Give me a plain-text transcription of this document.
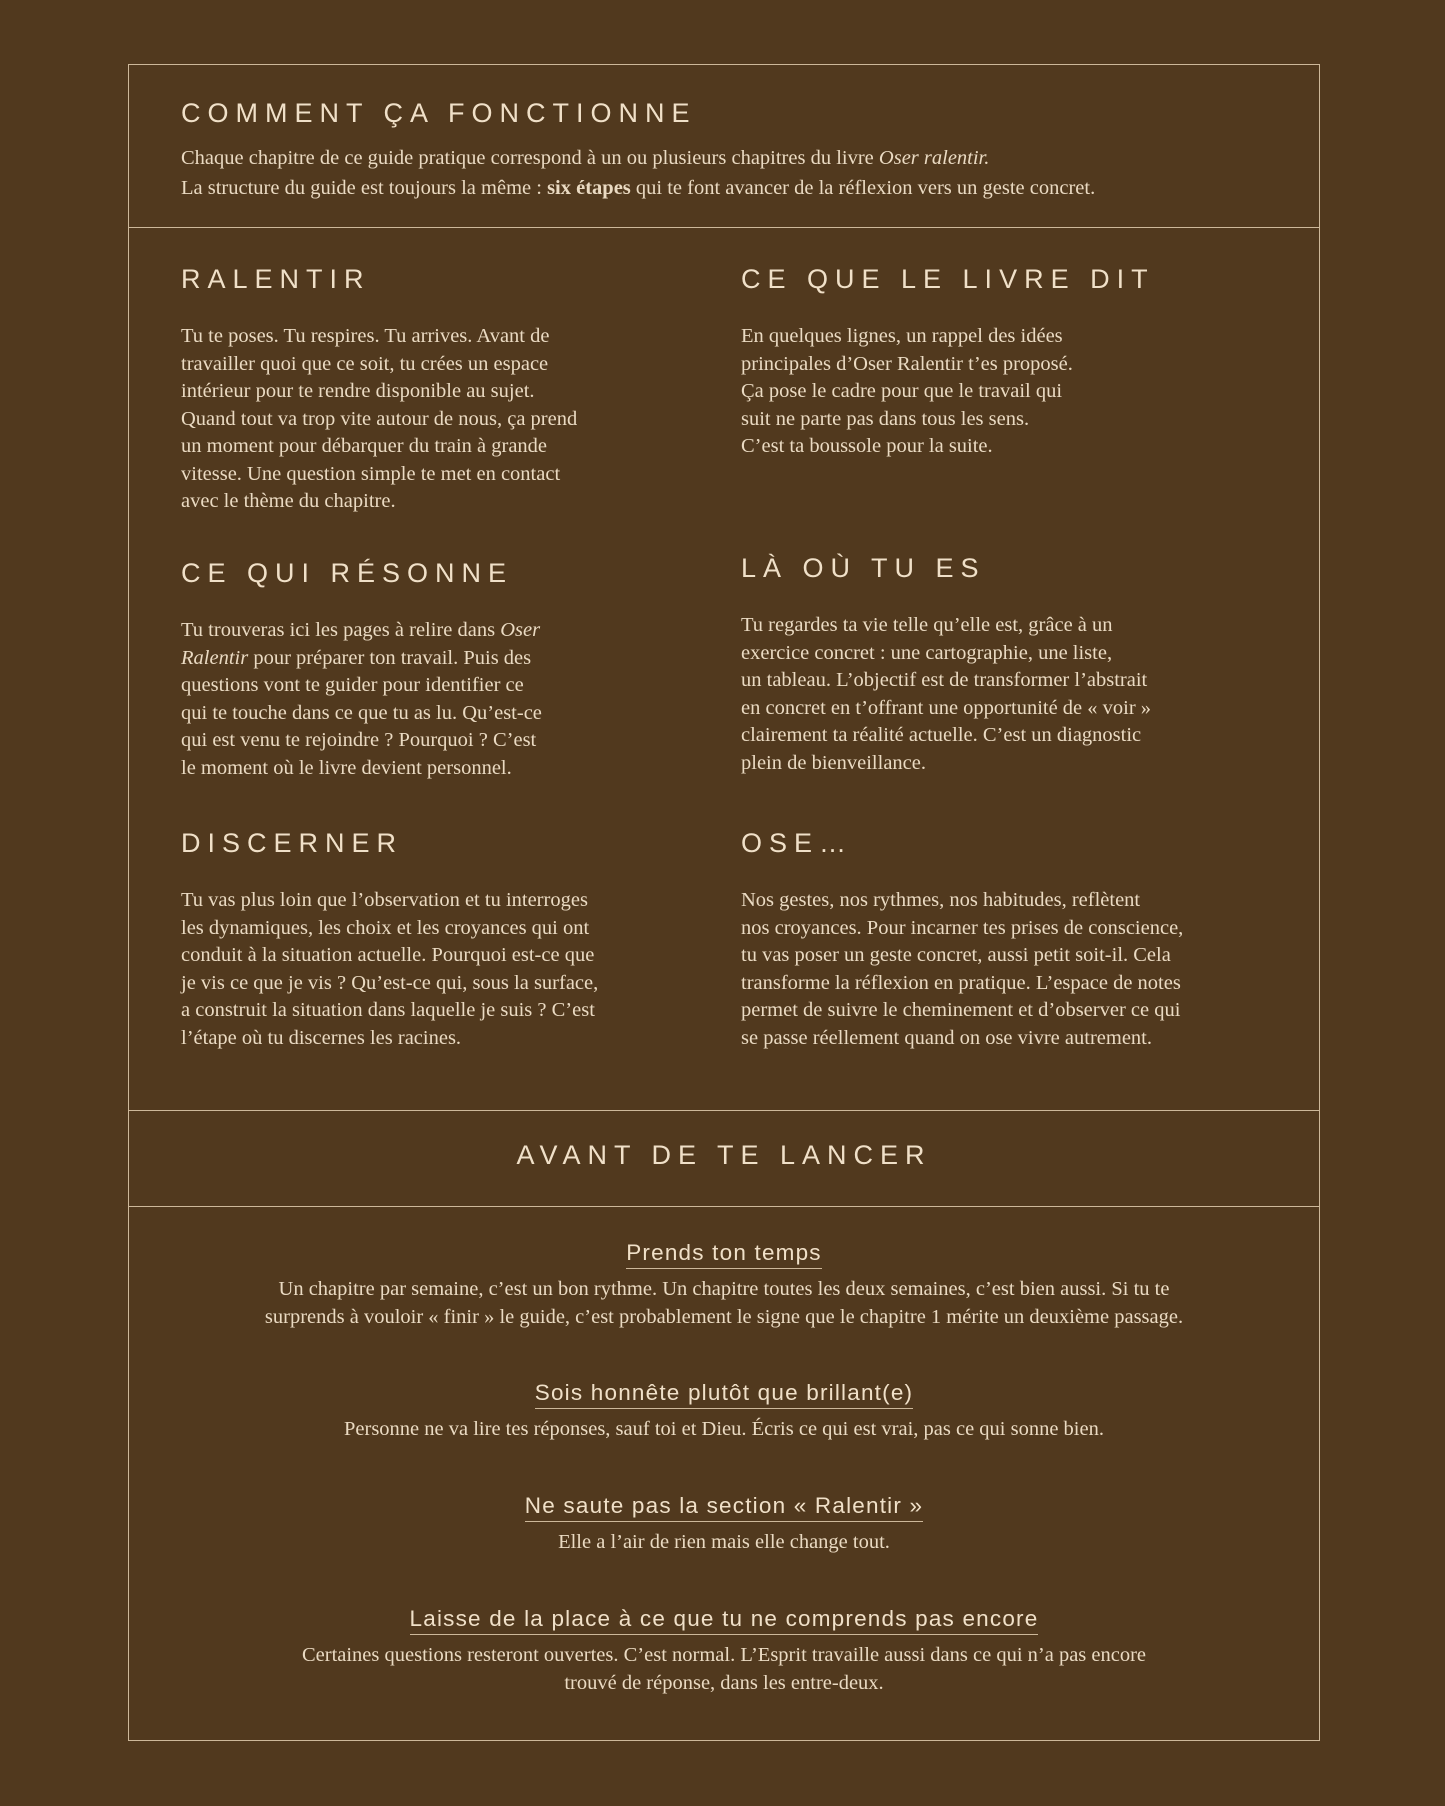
COMMENT ÇA FONCTIONNE

Chaque chapitre de ce guide pratique correspond à un ou plusieurs chapitres du livre Oser ralentir.
La structure du guide est toujours la même : six étapes qui te font avancer de la réflexion vers un geste concret.

RALENTIR

Tu te poses. Tu respires. Tu arrives. Avant de
travailler quoi que ce soit, tu crées un espace
intérieur pour te rendre disponible au sujet.
Quand tout va trop vite autour de nous, ça prend
un moment pour débarquer du train à grande
vitesse. Une question simple te met en contact
avec le thème du chapitre.

CE QUE LE LIVRE DIT

En quelques lignes, un rappel des idées
principales d’Oser Ralentir t’es proposé.
Ça pose le cadre pour que le travail qui
suit ne parte pas dans tous les sens.
C’est ta boussole pour la suite.

CE QUI RÉSONNE

Tu trouveras ici les pages à relire dans Oser
Ralentir pour préparer ton travail. Puis des
questions vont te guider pour identifier ce
qui te touche dans ce que tu as lu. Qu’est-ce
qui est venu te rejoindre ? Pourquoi ? C’est
le moment où le livre devient personnel.

LÀ OÙ TU ES

Tu regardes ta vie telle qu’elle est, grâce à un
exercice concret : une cartographie, une liste,
un tableau. L’objectif est de transformer l’abstrait
en concret en t’offrant une opportunité de « voir »
clairement ta réalité actuelle. C’est un diagnostic
plein de bienveillance.

DISCERNER

Tu vas plus loin que l’observation et tu interroges
les dynamiques, les choix et les croyances qui ont
conduit à la situation actuelle. Pourquoi est-ce que
je vis ce que je vis ? Qu’est-ce qui, sous la surface,
a construit la situation dans laquelle je suis ? C’est
l’étape où tu discernes les racines.

OSE…

Nos gestes, nos rythmes, nos habitudes, reflètent
nos croyances. Pour incarner tes prises de conscience,
tu vas poser un geste concret, aussi petit soit-il. Cela
transforme la réflexion en pratique. L’espace de notes
permet de suivre le cheminement et d’observer ce qui
se passe réellement quand on ose vivre autrement.

AVANT DE TE LANCER
Prends ton temps

Un chapitre par semaine, c’est un bon rythme. Un chapitre toutes les deux semaines, c’est bien aussi. Si tu te
surprends à vouloir « finir » le guide, c’est probablement le signe que le chapitre 1 mérite un deuxième passage.

Sois honnête plutôt que brillant(e)

Personne ne va lire tes réponses, sauf toi et Dieu. Écris ce qui est vrai, pas ce qui sonne bien.

Ne saute pas la section « Ralentir »

Elle a l’air de rien mais elle change tout.

Laisse de la place à ce que tu ne comprends pas encore

Certaines questions resteront ouvertes. C’est normal. L’Esprit travaille aussi dans ce qui n’a pas encore
trouvé de réponse, dans les entre-deux.
